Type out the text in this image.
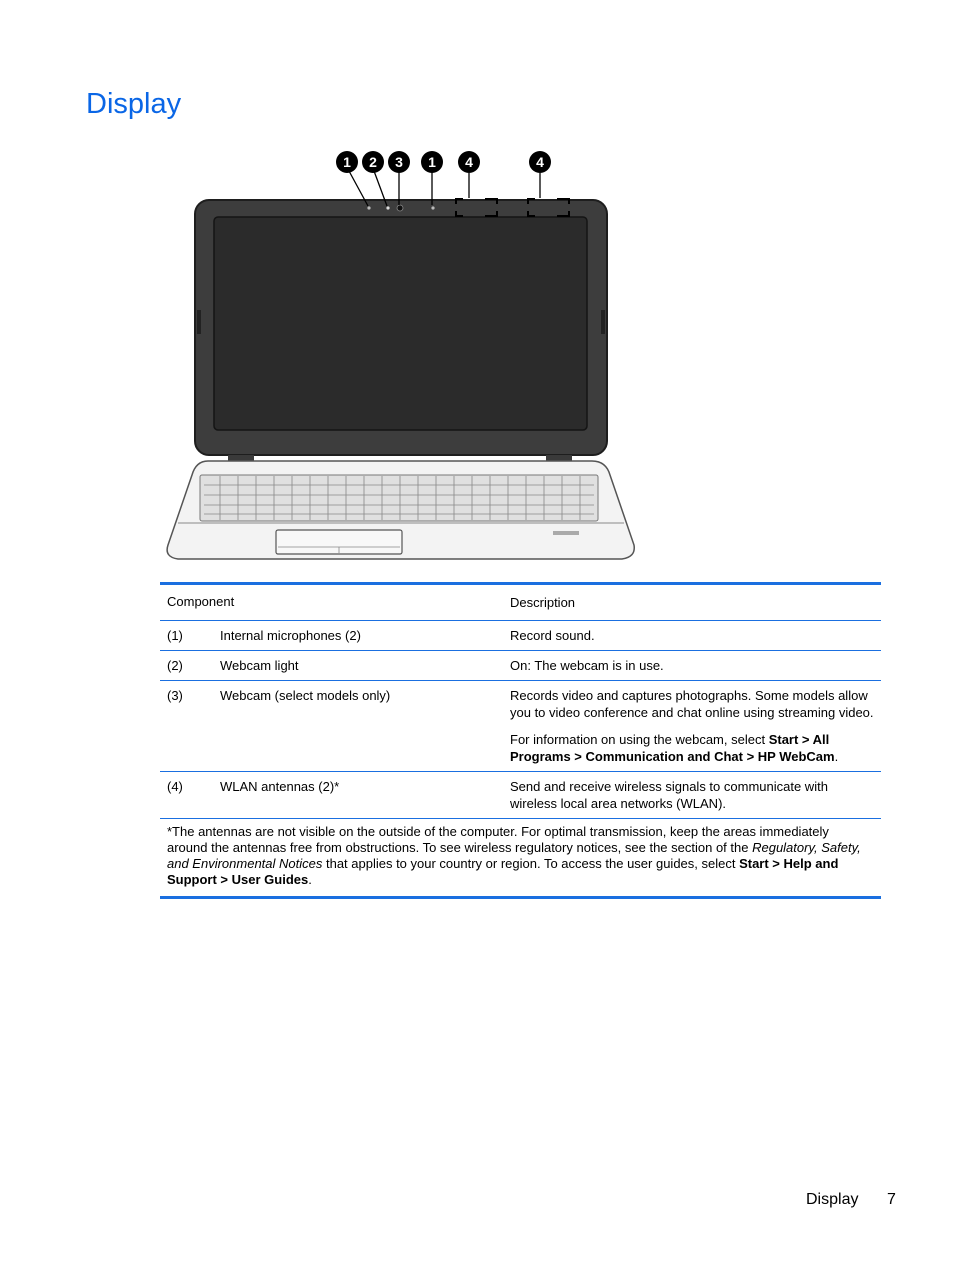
Display
1 2 3 1 4	4
Component	Description
(1)	Internal microphones (2)	Record sound.
(2)	Webcam light	On: The webcam is in use.
(3)	Webcam (select models only)	Records video and captures photographs. Some models allow you to video conference and chat online using streaming video.

For information on using the webcam, select Start > All Programs > Communication and Chat > HP WebCam.

(4)	WLAN antennas (2)*	Send and receive wireless signals to communicate with wireless local area networks (WLAN).
*The antennas are not visible on the outside of the computer. For optimal transmission, keep the areas immediately around the antennas free from obstructions. To see wireless regulatory notices, see the section of the Regulatory, Safety, and Environmental Notices that applies to your country or region. To access the user guides, select Start > Help and Support > User Guides.
Display 7
